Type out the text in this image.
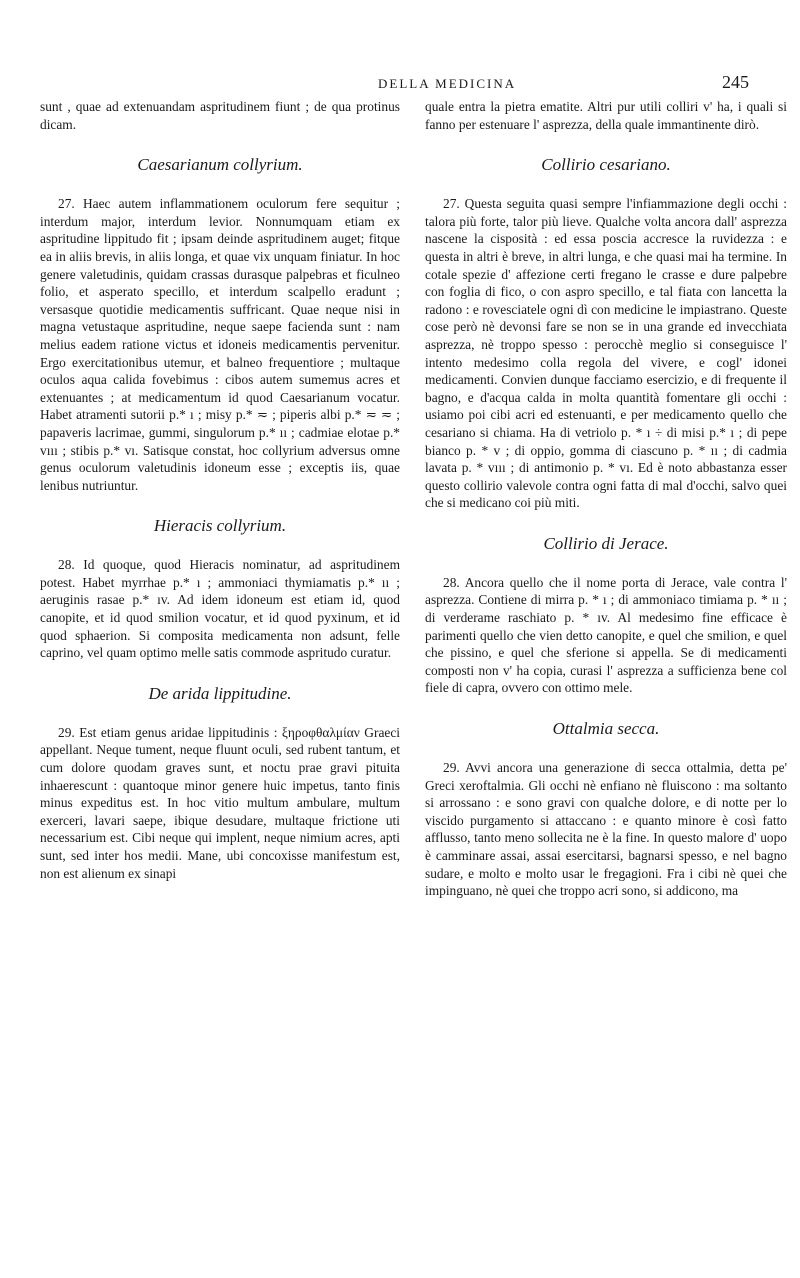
DELLA MEDICINA	245

sunt , quae ad extenuandam aspritudinem fiunt ; de qua protinus dicam.

Caesarianum collyrium.

27. Haec autem inflammationem oculorum fere sequitur ; interdum major, interdum levior. Nonnumquam etiam ex aspritudine lippitudo fit ; ipsam deinde aspritudinem auget; fitque ea in aliis brevis, in aliis longa, et quae vix unquam finiatur. In hoc genere valetudinis, quidam crassas durasque palpebras et ficulneo folio, et asperato specillo, et interdum scalpello eradunt ; versasque quotidie medicamentis suffricant. Quae neque nisi in magna vetustaque aspritudine, neque saepe facienda sunt : nam melius eadem ratione victus et idoneis medicamentis pervenitur. Ergo exercitationibus utemur, et balneo frequentiore ; multaque oculos aqua calida fovebimus : cibos autem sumemus acres et extenuantes ; at medicamentum id quod Caesarianum vocatur. Habet atramenti sutorii p.* ı ; misy p.* ≂ ; piperis albi p.* ≂ ≂ ; papaveris lacrimae, gummi, singulorum p.* ıı ; cadmiae elotae p.* vııı ; stibis p.* vı. Satisque constat, hoc collyrium adversus omne genus oculorum valetudinis idoneum esse ; exceptis iis, quae lenibus nutriuntur.

Hieracis collyrium.

28. Id quoque, quod Hieracis nominatur, ad aspritudinem potest. Habet myrrhae p.* ı ; ammoniaci thymiamatis p.* ıı ; aeruginis rasae p.* ıv. Ad idem idoneum est etiam id, quod canopite, et id quod smilion vocatur, et id quod pyxinum, et id quod sphaerion. Si composita medicamenta non adsunt, felle caprino, vel quam optimo melle satis commode aspritudo curatur.

De arida lippitudine.

29. Est etiam genus aridae lippitudinis : ξηροφθαλμίαν Graeci appellant. Neque tument, neque fluunt oculi, sed rubent tantum, et cum dolore quodam graves sunt, et noctu prae gravi pituita inhaerescunt : quantoque minor genere huic impetus, tanto finis minus expeditus est. In hoc vitio multum ambulare, multum exerceri, lavari saepe, ibique desudare, multaque frictione uti necessarium est. Cibi neque qui implent, neque nimium acres, apti sunt, sed inter hos medii. Mane, ubi concoxisse manifestum est, non est alienum ex sinapi

quale entra la pietra ematite. Altri pur utili colliri v' ha, i quali si fanno per estenuare l' asprezza, della quale immantinente dirò.

Collirio cesariano.

27. Questa seguita quasi sempre l'infiammazione degli occhi : talora più forte, talor più lieve. Qualche volta ancora dall' asprezza nascene la cisposità : ed essa poscia accresce la ruvidezza : e questa in altri è breve, in altri lunga, e che quasi mai ha termine. In cotale spezie d' affezione certi fregano le crasse e dure palpebre con foglia di fico, o con aspro specillo, e tal fiata con lancetta la radono : e rovesciatele ogni dì con medicine le impiastrano. Queste cose però nè devonsi fare se non se in una grande ed invecchiata asprezza, nè troppo spesso : perocchè meglio si conseguisce l' intento medesimo colla regola del vivere, e cogl' idonei medicamenti. Convien dunque facciamo esercizio, e di frequente il bagno, e d'acqua calda in molta quantità fomentare gli occhi : usiamo poi cibi acri ed estenuanti, e per medicamento quello che cesariano si chiama. Ha di vetriolo p. * ı ÷ di misi p.* ı ; di pepe bianco p. * v ; di oppio, gomma di ciascuno p. * ıı ; di cadmia lavata p. * vııı ; di antimonio p. * vı. Ed è noto abbastanza esser questo collirio valevole contra ogni fatta di mal d'occhi, salvo quei che si medicano coi più miti.

Collirio di Jerace.

28. Ancora quello che il nome porta di Jerace, vale contra l' asprezza. Contiene di mirra p. * ı ; di ammoniaco timiama p. * ıı ; di verderame raschiato p. * ıv. Al medesimo fine efficace è parimenti quello che vien detto canopite, e quel che smilion, e quel che pissino, e quel che sferione si appella. Se di medicamenti composti non v' ha copia, curasi l' asprezza a sufficienza bene col fiele di capra, ovvero con ottimo mele.

Ottalmia secca.

29. Avvi ancora una generazione di secca ottalmia, detta pe' Greci xeroftalmia. Gli occhi nè enfiano nè fluiscono : ma soltanto si arrossano : e sono gravi con qualche dolore, e di notte per lo viscido purgamento si attaccano : e quanto minore è così fatto afflusso, tanto meno sollecita ne è la fine. In questo malore d' uopo è camminare assai, assai esercitarsi, bagnarsi spesso, e nel bagno sudare, e molto e molto usar le fregagioni. Fra i cibi nè quei che impinguano, nè quei che troppo acri sono, si addicono, ma
